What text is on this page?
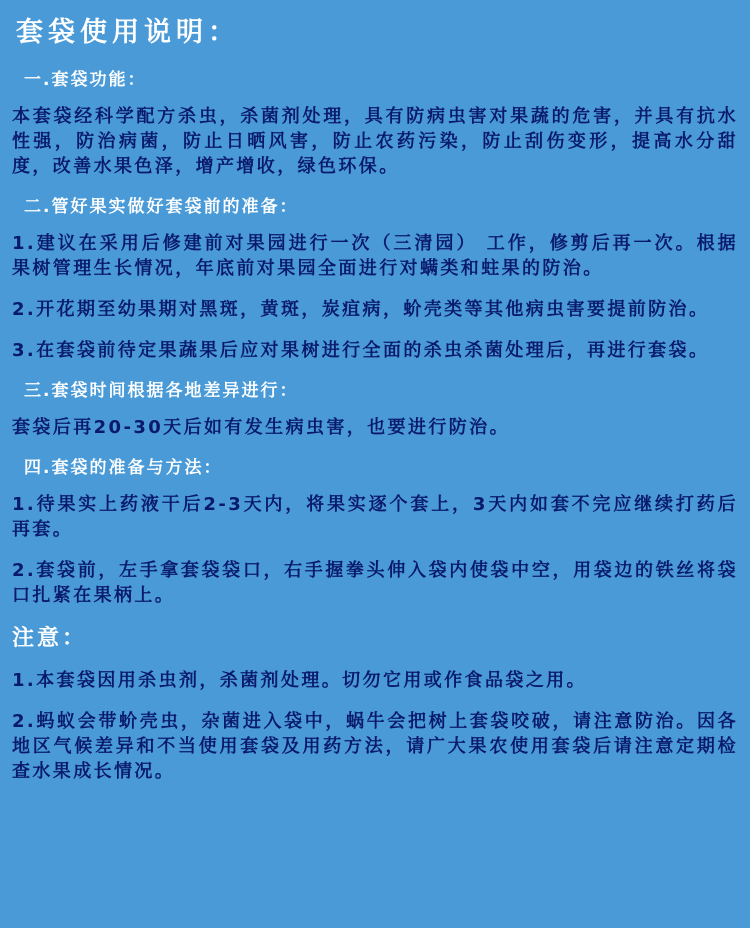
套袋使用说明：
一.套袋功能：
本套袋经科学配方杀虫，杀菌剂处理，具有防病虫害对果蔬的危害，并具有抗水性强，防治病菌，防止日晒风害，防止农药污染，防止刮伤变形，提高水分甜度，改善水果色泽，增产增收，绿色环保。
二.管好果实做好套袋前的准备：
1.建议在采用后修建前对果园进行一次（三清园） 工作，修剪后再一次。根据果树管理生长情况，年底前对果园全面进行对螨类和蛀果的防治。
2.开花期至幼果期对黑斑，黄斑，炭疽病，蚧壳类等其他病虫害要提前防治。
3.在套袋前待定果蔬果后应对果树进行全面的杀虫杀菌处理后，再进行套袋。
三.套袋时间根据各地差异进行：
套袋后再20-30天后如有发生病虫害，也要进行防治。
四.套袋的准备与方法：
1.待果实上药液干后2-3天内，将果实逐个套上，3天内如套不完应继续打药后再套。
2.套袋前，左手拿套袋袋口，右手握拳头伸入袋内使袋中空，用袋边的铁丝将袋口扎紧在果柄上。
注意：
1.本套袋因用杀虫剂，杀菌剂处理。切勿它用或作食品袋之用。
2.蚂蚁会带蚧壳虫，杂菌进入袋中，蜗牛会把树上套袋咬破，请注意防治。因各地区气候差异和不当使用套袋及用药方法，请广大果农使用套袋后请注意定期检查水果成长情况。
